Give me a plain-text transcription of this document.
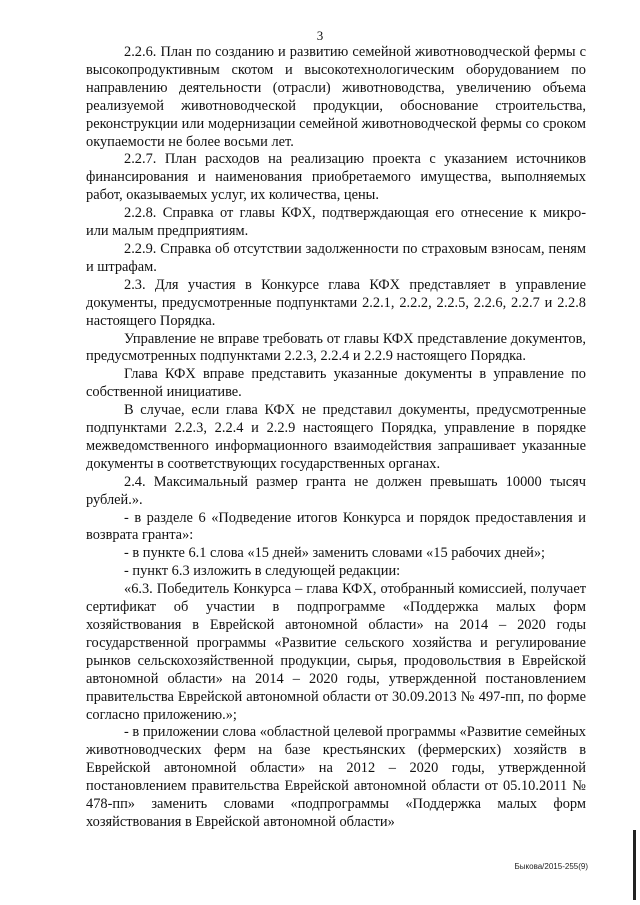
3

2.2.6. План по созданию и развитию семейной животноводческой фермы с высокопродуктивным скотом и высокотехнологическим оборудованием по направлению деятельности (отрасли) животноводства, увеличению объема реализуемой животноводческой продукции, обоснование строительства, реконструкции или модернизации семейной животноводческой фермы со сроком окупаемости не более восьми лет.

2.2.7. План расходов на реализацию проекта с указанием источников финансирования и наименования приобретаемого имущества, выполняемых работ, оказываемых услуг, их количества, цены.

2.2.8. Справка от главы КФХ, подтверждающая его отнесение к микро- или малым предприятиям.

2.2.9. Справка об отсутствии задолженности по страховым взносам, пеням и штрафам.

2.3. Для участия в Конкурсе глава КФХ представляет в управление документы, предусмотренные подпунктами 2.2.1, 2.2.2, 2.2.5, 2.2.6, 2.2.7 и 2.2.8 настоящего Порядка.

Управление не вправе требовать от главы КФХ представление документов, предусмотренных подпунктами 2.2.3, 2.2.4 и 2.2.9 настоящего Порядка.

Глава КФХ вправе представить указанные документы в управление по собственной инициативе.

В случае, если глава КФХ не представил документы, предусмотренные подпунктами 2.2.3, 2.2.4 и 2.2.9 настоящего Порядка, управление в порядке межведомственного информационного взаимодействия запрашивает указанные документы в соответствующих государственных органах.

2.4. Максимальный размер гранта не должен превышать 10000 тысяч рублей.».

- в разделе 6 «Подведение итогов Конкурса и порядок предоставления и возврата гранта»:

- в пункте 6.1 слова «15 дней» заменить словами «15 рабочих дней»;

- пункт 6.3 изложить в следующей редакции:

«6.3. Победитель Конкурса – глава КФХ, отобранный комиссией, получает сертификат об участии в подпрограмме «Поддержка малых форм хозяйствования в Еврейской автономной области» на 2014 – 2020 годы государственной программы «Развитие сельского хозяйства и регулирование рынков сельскохозяйственной продукции, сырья, продовольствия в Еврейской автономной области» на 2014 – 2020 годы, утвержденной постановлением правительства Еврейской автономной области от 30.09.2013 № 497-пп, по форме согласно приложению.»;

- в приложении слова «областной целевой программы «Развитие семейных животноводческих ферм на базе крестьянских (фермерских) хозяйств в Еврейской автономной области» на 2012 – 2020 годы, утвержденной постановлением правительства Еврейской автономной области от 05.10.2011 № 478-пп» заменить словами «подпрограммы «Поддержка малых форм хозяйствования в Еврейской автономной области»

Быкова/2015-255(9)
